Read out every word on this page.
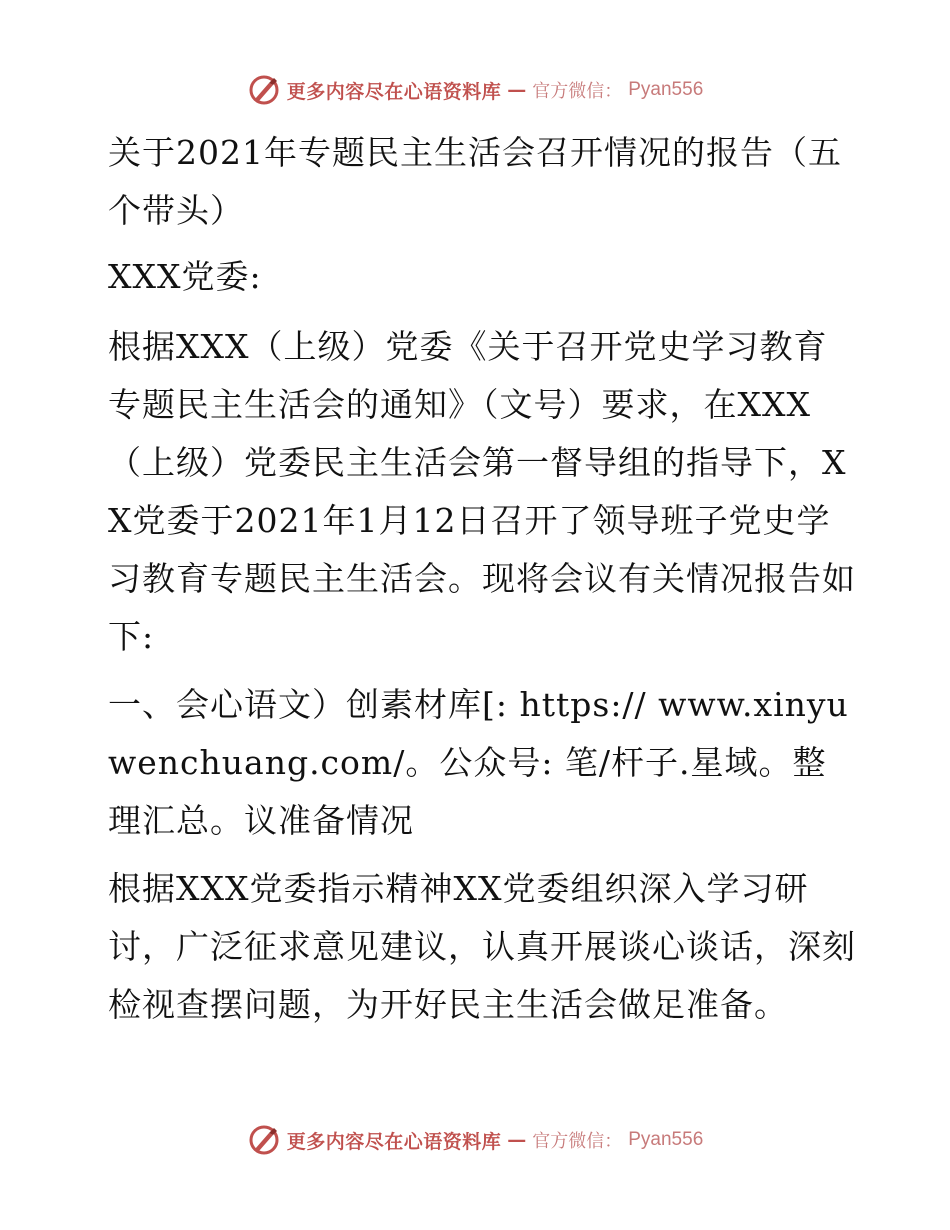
更多内容尽在心语资料库 — 官方微信： Pyan556

关于2021年专题民主生活会召开情况的报告（五个带头）

XXX党委:

根据XXX（上级）党委《关于召开党史学习教育专题民主生活会的通知》（文号）要求，在XXX（上级）党委民主生活会第一督导组的指导下，XX党委于2021年1月12日召开了领导班子党史学习教育专题民主生活会。现将会议有关情况报告如下:

一、会心语文）创素材库[: https:// www.xinyuwenchuang.com/。公众号: 笔/杆子.星域。整理汇总。议准备情况

根据XXX党委指示精神XX党委组织深入学习研讨，广泛征求意见建议，认真开展谈心谈话，深刻检视查摆问题，为开好民主生活会做足准备。

更多内容尽在心语资料库 — 官方微信： Pyan556
